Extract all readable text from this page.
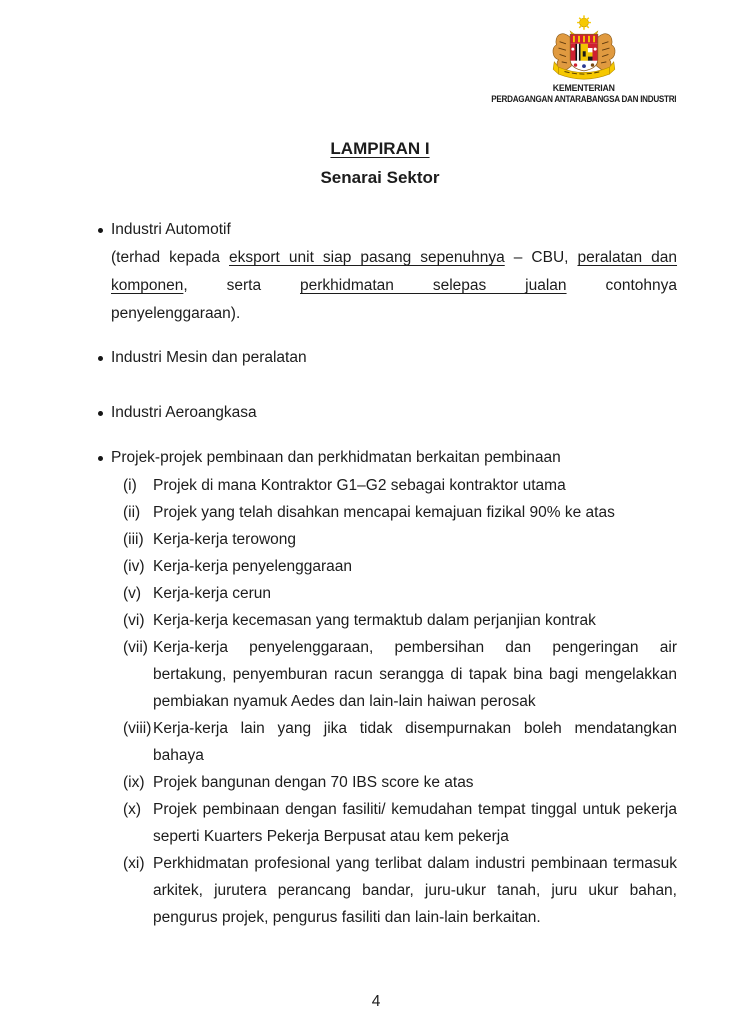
KEMENTERIAN
PERDAGANGAN ANTARABANGSA DAN INDUSTRI
LAMPIRAN I
Senarai Sektor
Industri Automotif
(terhad kepada eksport unit siap pasang sepenuhnya – CBU, peralatan dan
komponen, serta perkhidmatan selepas jualan contohnya
penyelenggaraan).
Industri Mesin dan peralatan
Industri Aeroangkasa
Projek-projek pembinaan dan perkhidmatan berkaitan pembinaan
(i) Projek di mana Kontraktor G1–G2 sebagai kontraktor utama
(ii) Projek yang telah disahkan mencapai kemajuan fizikal 90% ke atas
(iii) Kerja-kerja terowong
(iv) Kerja-kerja penyelenggaraan
(v) Kerja-kerja cerun
(vi) Kerja-kerja kecemasan yang termaktub dalam perjanjian kontrak
(vii) Kerja-kerja penyelenggaraan, pembersihan dan pengeringan air
bertakung, penyemburan racun serangga di tapak bina bagi mengelakkan
pembiakan nyamuk Aedes dan lain-lain haiwan perosak
(viii) Kerja-kerja lain yang jika tidak disempurnakan boleh mendatangkan
bahaya
(ix) Projek bangunan dengan 70 IBS score ke atas
(x) Projek pembinaan dengan fasiliti/ kemudahan tempat tinggal untuk pekerja
seperti Kuarters Pekerja Berpusat atau kem pekerja
(xi) Perkhidmatan profesional yang terlibat dalam industri pembinaan termasuk
arkitek, jurutera perancang bandar, juru-ukur tanah, juru ukur bahan,
pengurus projek, pengurus fasiliti dan lain-lain berkaitan.
4
